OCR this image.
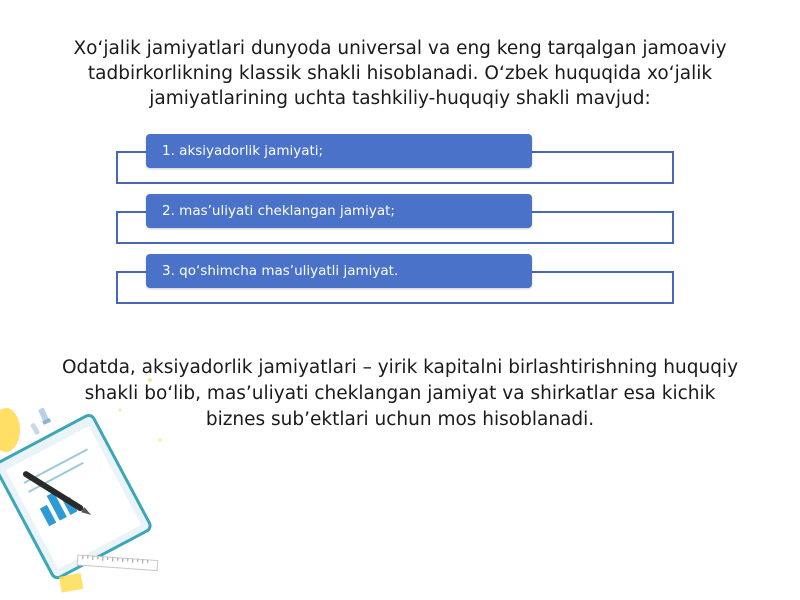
Xo‘jalik jamiyatlari dunyoda universal va eng keng tarqalgan jamoaviy tadbirkorlikning klassik shakli hisoblanadi. O‘zbek huquqida xo‘jalik jamiyatlarining uchta tashkiliy-huquqiy shakli mavjud:
1. aksiyadorlik jamiyati;
2. mas’uliyati cheklangan jamiyat;
3. qo‘shimcha mas’uliyatli jamiyat.
Odatda, aksiyadorlik jamiyatlari – yirik kapitalni birlashtirishning huquqiy shakli bo‘lib, mas’uliyati cheklangan jamiyat va shirkatlar esa kichik biznes sub’ektlari uchun mos hisoblanadi.
